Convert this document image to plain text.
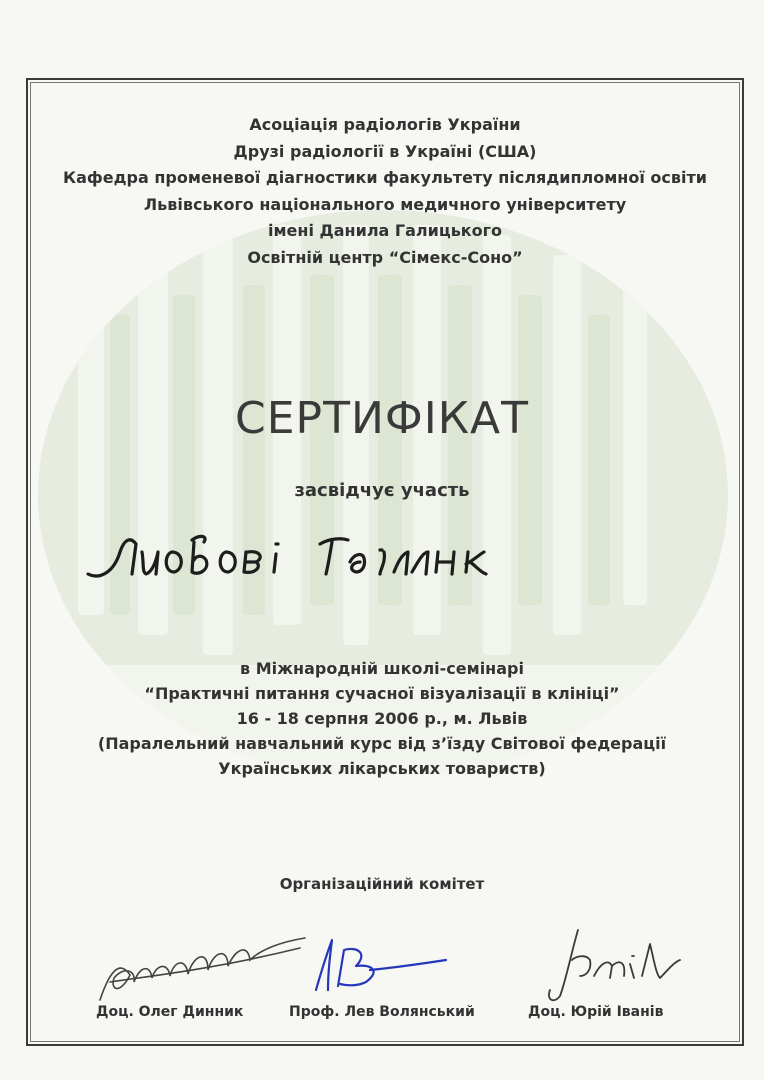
Асоціація радіологів України
Друзі радіології в Україні (США)
Кафедра променевої діагностики факультету післядипломної освіти
Львівського національного медичного університету
імені Данила Галицького
Освітній центр “Сімекс-Соно”
СЕРТИФІКАТ
засвідчує участь
в Міжнародній школі-семінарі
“Практичні питання сучасної візуалізації в клініці”
16 - 18 серпня 2006 р., м. Львів
(Паралельний навчальний курс від з’їзду Світової федерації
Українських лікарських товариств)
Організаційний комітет
Доц. Олег Динник	Проф. Лев Волянський	Доц. Юрій Іванів
